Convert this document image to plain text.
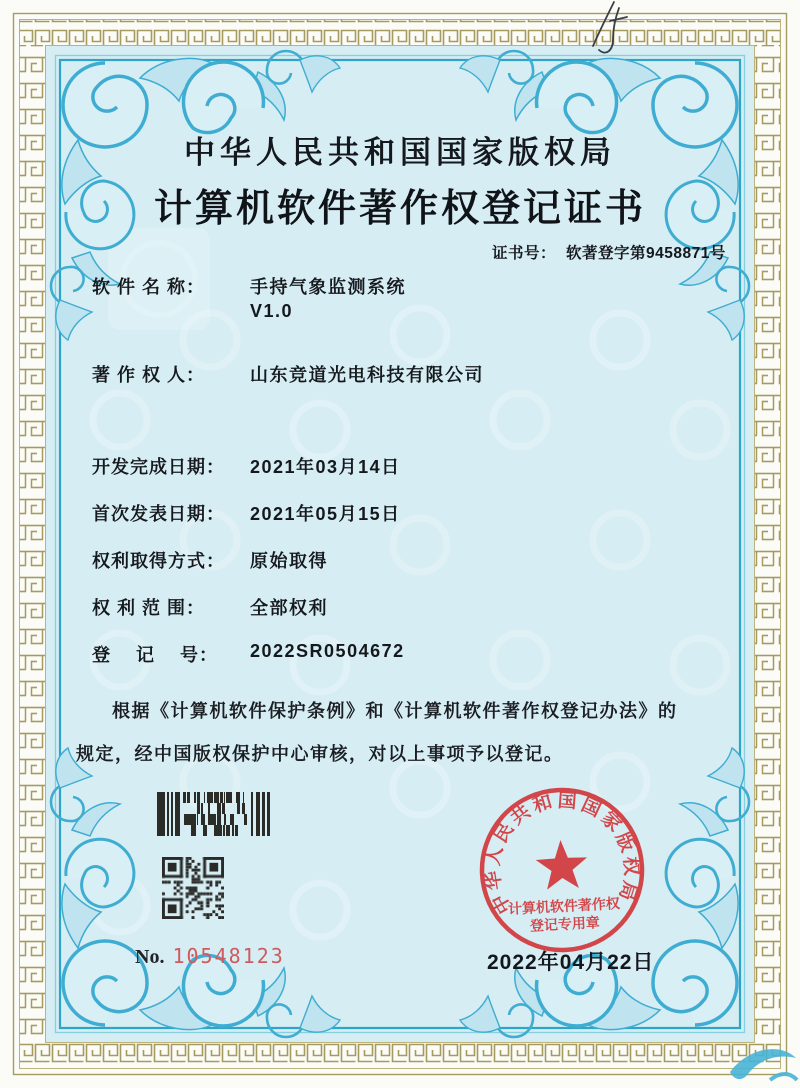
中华人民共和国国家版权局
计算机软件著作权登记证书
证书号： 软著登字第9458871号
软 件 名 称： 手持气象监测系统
V1.0
著 作 权 人： 山东竞道光电科技有限公司
开发完成日期： 2021年03月14日
首次发表日期： 2021年05月15日
权利取得方式： 原始取得
权 利 范 围： 全部权利
登　 记　 号： 2022SR0504672
根据《计算机软件保护条例》和《计算机软件著作权登记办法》的规定，经中国版权保护中心审核，对以上事项予以登记。
No. 10548123
中华人民共和国国家版权局
计算机软件著作权
登记专用章
2022年04月22日
